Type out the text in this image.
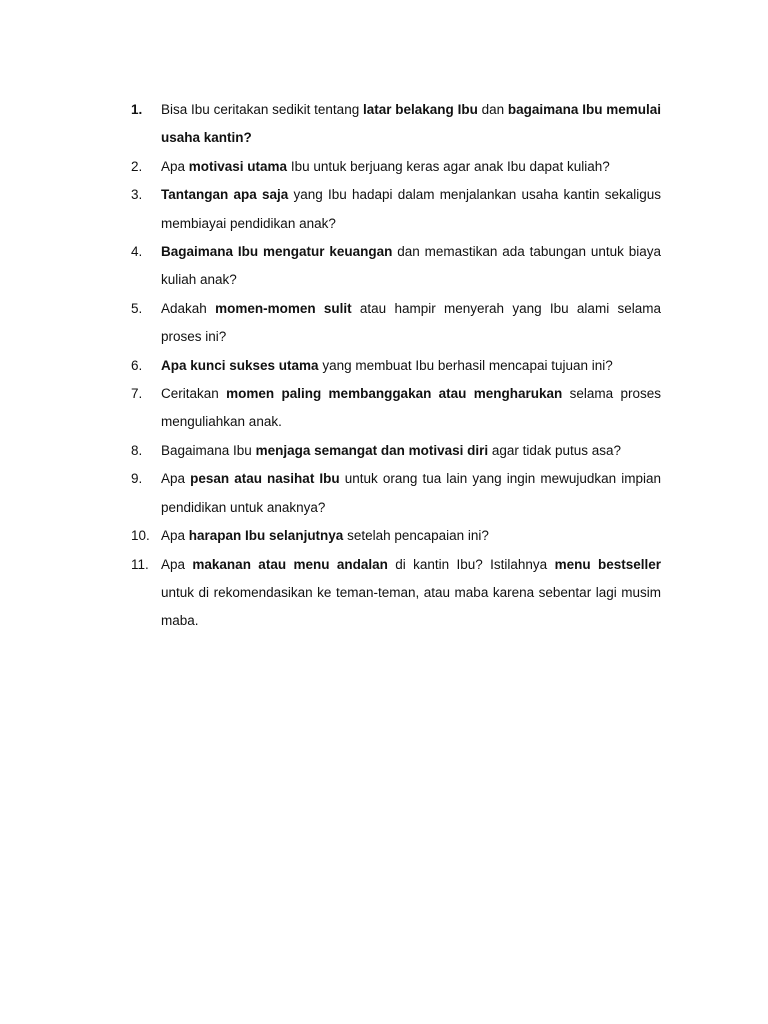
1. Bisa Ibu ceritakan sedikit tentang latar belakang Ibu dan bagaimana Ibu memulai usaha kantin?
2. Apa motivasi utama Ibu untuk berjuang keras agar anak Ibu dapat kuliah?
3. Tantangan apa saja yang Ibu hadapi dalam menjalankan usaha kantin sekaligus membiayai pendidikan anak?
4. Bagaimana Ibu mengatur keuangan dan memastikan ada tabungan untuk biaya kuliah anak?
5. Adakah momen-momen sulit atau hampir menyerah yang Ibu alami selama proses ini?
6. Apa kunci sukses utama yang membuat Ibu berhasil mencapai tujuan ini?
7. Ceritakan momen paling membanggakan atau mengharukan selama proses menguliahkan anak.
8. Bagaimana Ibu menjaga semangat dan motivasi diri agar tidak putus asa?
9. Apa pesan atau nasihat Ibu untuk orang tua lain yang ingin mewujudkan impian pendidikan untuk anaknya?
10. Apa harapan Ibu selanjutnya setelah pencapaian ini?
11. Apa makanan atau menu andalan di kantin Ibu? Istilahnya menu bestseller untuk di rekomendasikan ke teman-teman, atau maba karena sebentar lagi musim maba.
